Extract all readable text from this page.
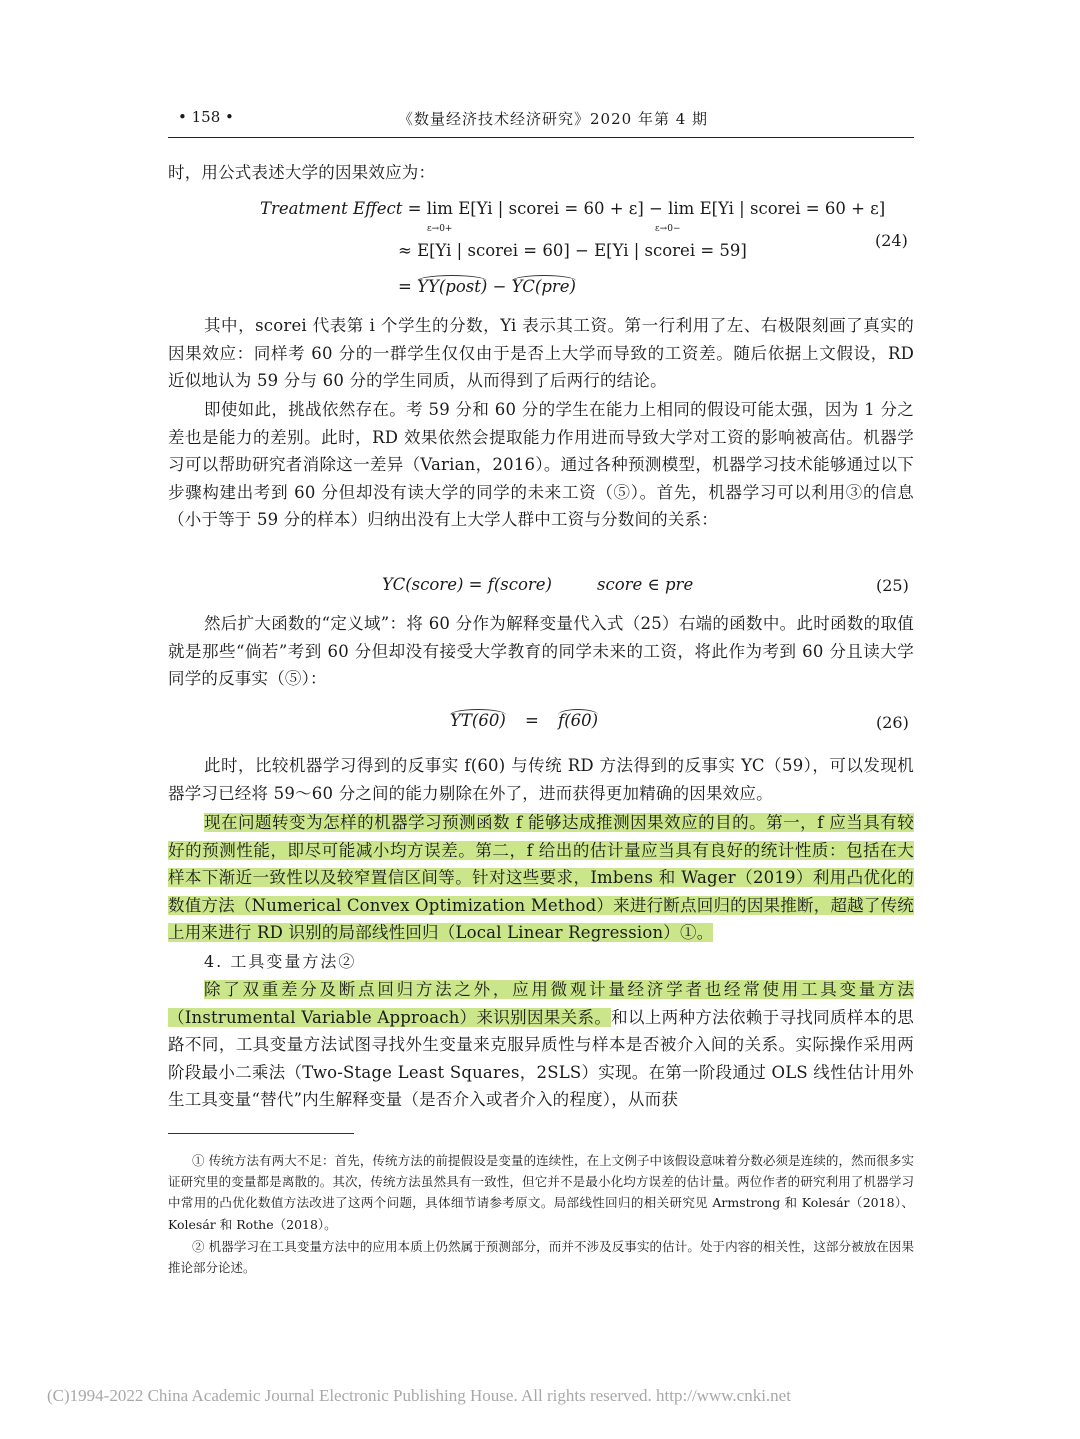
• 158 •	《数量经济技术经济研究》2020 年第 4 期
时，用公式表述大学的因果效应为：
Treatment Effect = lim E[Yi | scorei = 60 + ε] − lim E[Yi | scorei = 60 + ε]
ε→0+	ε→0−
≈ E[Yi | scorei = 60] − E[Yi | scorei = 59]
=
YY(post) −
YC(pre)
(24)
其中，scorei 代表第 i 个学生的分数，Yi 表示其工资。第一行利用了左、右极限刻画了真实的因果效应：同样考 60 分的一群学生仅仅由于是否上大学而导致的工资差。随后依据上文假设，RD 近似地认为 59 分与 60 分的学生同质，从而得到了后两行的结论。
即使如此，挑战依然存在。考 59 分和 60 分的学生在能力上相同的假设可能太强，因为 1 分之差也是能力的差别。此时，RD 效果依然会提取能力作用进而导致大学对工资的影响被高估。机器学习可以帮助研究者消除这一差异（Varian，2016）。通过各种预测模型，机器学习技术能够通过以下步骤构建出考到 60 分但却没有读大学的同学的未来工资（⑤）。首先，机器学习可以利用③的信息（小于等于 59 分的样本）归纳出没有上大学人群中工资与分数间的关系：
YC(score) = f(score)	score ∈ pre	(25)
然后扩大函数的“定义域”：将 60 分作为解释变量代入式（25）右端的函数中。此时函数的取值就是那些“倘若”考到 60 分但却没有接受大学教育的同学未来的工资，将此作为考到 60 分且读大学同学的反事实（⑤）：
YT(60) = f(60)	(26)
此时，比较机器学习得到的反事实 f(60) 与传统 RD 方法得到的反事实 YC（59），可以发现机器学习已经将 59～60 分之间的能力剔除在外了，进而获得更加精确的因果效应。
现在问题转变为怎样的机器学习预测函数 f 能够达成推测因果效应的目的。第一，f 应当具有较好的预测性能，即尽可能减小均方误差。第二，f 给出的估计量应当具有良好的统计性质：包括在大样本下渐近一致性以及较窄置信区间等。针对这些要求，Imbens 和 Wager（2019）利用凸优化的数值方法（Numerical Convex Optimization Method）来进行断点回归的因果推断，超越了传统上用来进行 RD 识别的局部线性回归（Local Linear Regression）①。
4. 工具变量方法②
除了双重差分及断点回归方法之外，应用微观计量经济学者也经常使用工具变量方法（Instrumental Variable Approach）来识别因果关系。和以上两种方法依赖于寻找同质样本的思路不同，工具变量方法试图寻找外生变量来克服异质性与样本是否被介入间的关系。实际操作采用两阶段最小二乘法（Two-Stage Least Squares，2SLS）实现。在第一阶段通过 OLS 线性估计用外生工具变量“替代”内生解释变量（是否介入或者介入的程度），从而获
① 传统方法有两大不足：首先，传统方法的前提假设是变量的连续性，在上文例子中该假设意味着分数必须是连续的，然而很多实证研究里的变量都是离散的。其次，传统方法虽然具有一致性，但它并不是最小化均方误差的估计量。两位作者的研究利用了机器学习中常用的凸优化数值方法改进了这两个问题，具体细节请参考原文。局部线性回归的相关研究见 Armstrong 和 Kolesár（2018）、Kolesár 和 Rothe（2018）。
② 机器学习在工具变量方法中的应用本质上仍然属于预测部分，而并不涉及反事实的估计。处于内容的相关性，这部分被放在因果推论部分论述。
(C)1994-2022 China Academic Journal Electronic Publishing House. All rights reserved. http://www.cnki.net
